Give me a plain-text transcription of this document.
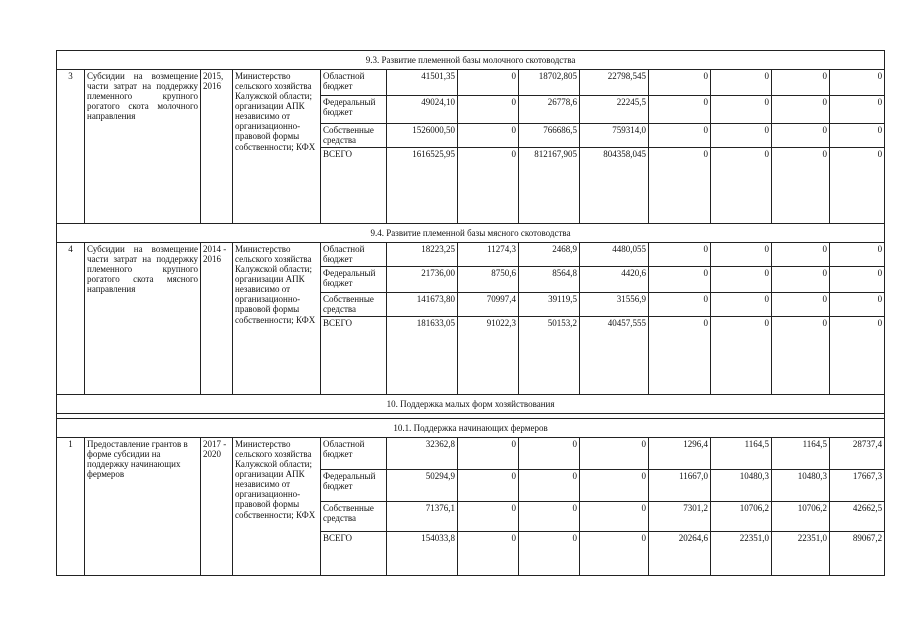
9.3. Развитие племенной базы молочного скотоводства												
3	Субсидии на возмещение части затрат на поддержку племенного крупного рогатого скота молочного направления	2015, 2016	Министерство сельского хозяйства Калужской области; организации АПК независимо от организационно-правовой формы собственности; КФХ	Областной бюджет	41501,35	0	18702,805	22798,545	0	0	0	0
				Федеральный бюджет	49024,10	0	26778,6	22245,5	0	0	0	0
				Собственные средства	1526000,50	0	766686,5	759314,0	0	0	0	0
				ВСЕГО	1616525,95	0	812167,905	804358,045	0	0	0	0
9.4. Развитие племенной базы мясного скотоводства												
4	Субсидии на возмещение части затрат на поддержку племенного крупного рогатого скота мясного направления	2014 - 2016	Министерство сельского хозяйства Калужской области; организации АПК независимо от организационно-правовой формы собственности; КФХ	Областной бюджет	18223,25	11274,3	2468,9	4480,055	0	0	0	0
				Федеральный бюджет	21736,00	8750,6	8564,8	4420,6	0	0	0	0
				Собственные средства	141673,80	70997,4	39119,5	31556,9	0	0	0	0
				ВСЕГО	181633,05	91022,3	50153,2	40457,555	0	0	0	0
10. Поддержка малых форм хозяйствования												

10.1. Поддержка начинающих фермеров												
1	Предоставление грантов в форме субсидии на поддержку начинающих фермеров	2017 - 2020	Министерство сельского хозяйства Калужской области; организации АПК независимо от организационно-правовой формы собственности; КФХ	Областной бюджет	32362,8	0	0	0	1296,4	1164,5	1164,5	28737,4
				Федеральный бюджет	50294,9	0	0	0	11667,0	10480,3	10480,3	17667,3
				Собственные средства	71376,1	0	0	0	7301,2	10706,2	10706,2	42662,5
				ВСЕГО	154033,8	0	0	0	20264,6	22351,0	22351,0	89067,2
